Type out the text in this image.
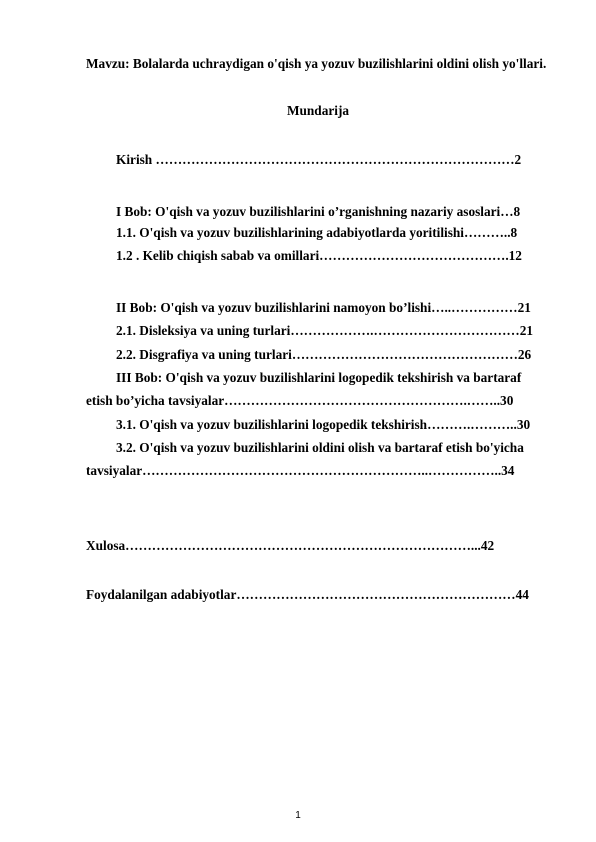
Mavzu: Bolalarda uchraydigan o'qish ya yozuv buzilishlarini oldini olish yo'llari.
Mundarija
Kirish ………………………………………………………………………2
I Bob: O'qish va yozuv buzilishlarini o’rganishning nazariy asoslari…8
1.1. O'qish va yozuv buzilishlarining adabiyotlarda yoritilishi………..8
1.2 . Kelib chiqish sabab va omillari…………………………………….12
II Bob: O'qish va yozuv buzilishlarini namoyon bo’lishi…..……………21
2.1. Disleksiya va uning turlari……………….……………………………21
2.2. Disgrafiya va uning turlari……………………………………………26
III Bob: O'qish va yozuv buzilishlarini logopedik tekshirish va bartaraf
etish bo’yicha tavsiyalar……………………………………………….……..30
3.1. O'qish va yozuv buzilishlarini logopedik tekshirish……….………..30
3.2. O'qish va yozuv buzilishlarini oldini olish va bartaraf etish bo'yicha
tavsiyalar………………………………………………………..……………..34
Xulosa……………………………………………………………………...42
Foydalanilgan adabiyotlar………………………………………………………44
1
